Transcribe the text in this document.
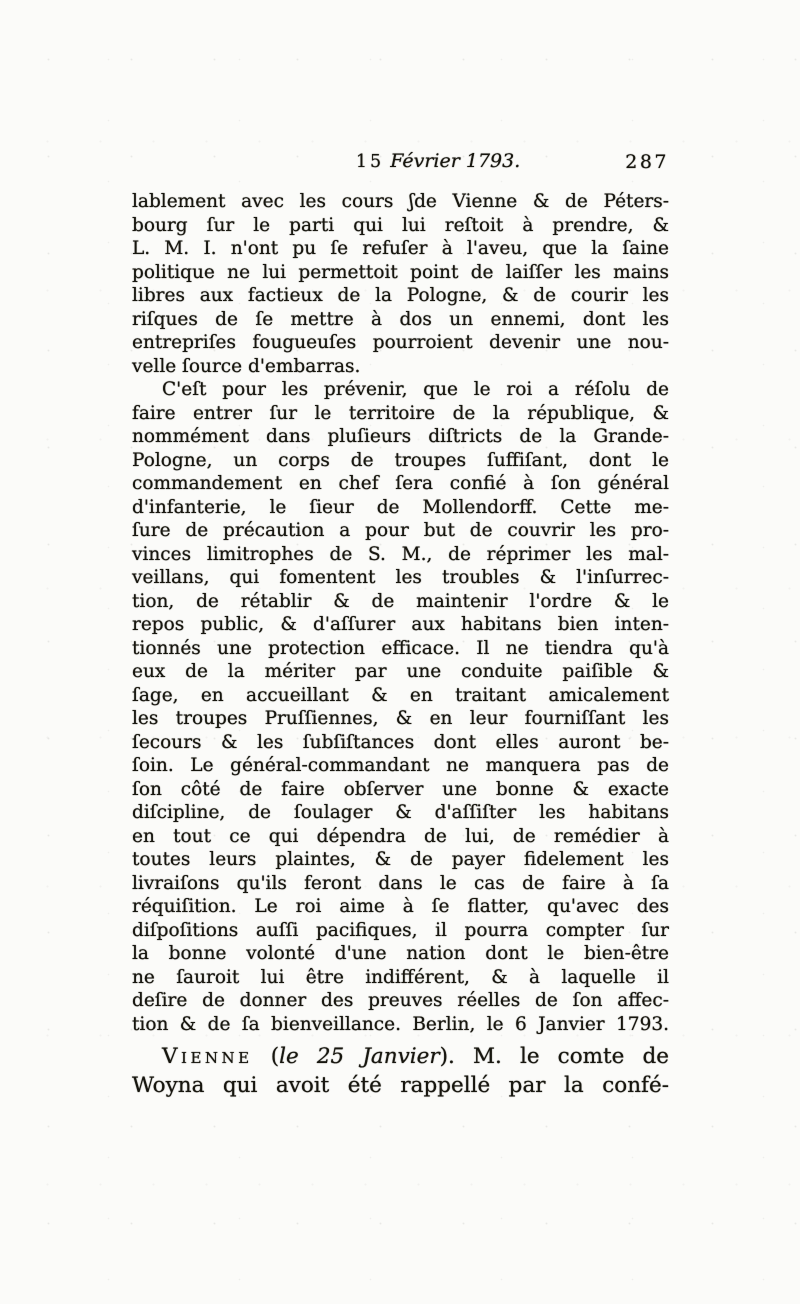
15 Février 1793.	287
lablement avec les cours ʃde Vienne & de Péters-
bourg ſur le parti qui lui reſtoit à prendre, &
L. M. I. n'ont pu ſe refuſer à l'aveu, que la ſaine
politique ne lui permettoit point de laiſſer les mains
libres aux factieux de la Pologne, & de courir les
riſques de ſe mettre à dos un ennemi, dont les
entrepriſes fougueuſes pourroient devenir une nou-
velle ſource d'embarras.
C'eſt pour les prévenir, que le roi a réſolu de
faire entrer ſur le territoire de la république, &
nommément dans pluſieurs diſtricts de la Grande-
Pologne, un corps de troupes ſuffiſant, dont le
commandement en chef ſera confié à ſon général
d'infanterie, le ſieur de Mollendorff. Cette me-
ſure de précaution a pour but de couvrir les pro-
vinces limitrophes de S. M., de réprimer les mal-
veillans, qui fomentent les troubles & l'inſurrec-
tion, de rétablir & de maintenir l'ordre & le
repos public, & d'aſſurer aux habitans bien inten-
tionnés une protection efficace. Il ne tiendra qu'à
eux de la mériter par une conduite paiſible &
ſage, en accueillant & en traitant amicalement
les troupes Pruſſiennes, & en leur fourniſſant les
ſecours & les ſubſiſtances dont elles auront be-
ſoin. Le général-commandant ne manquera pas de
ſon côté de faire obſerver une bonne & exacte
diſcipline, de ſoulager & d'aſſiſter les habitans
en tout ce qui dépendra de lui, de remédier à
toutes leurs plaintes, & de payer fidelement les
livraiſons qu'ils feront dans le cas de faire à ſa
réquiſition. Le roi aime à ſe flatter, qu'avec des
diſpoſitions auſſi pacifiques, il pourra compter ſur
la bonne volonté d'une nation dont le bien-être
ne ſauroit lui être indifférent, & à laquelle il
deſire de donner des preuves réelles de ſon affec-
tion & de ſa bienveillance. Berlin, le 6 Janvier 1793.
Vienne (le 25 Janvier). M. le comte de
Woyna qui avoit été rappellé par la confé-
